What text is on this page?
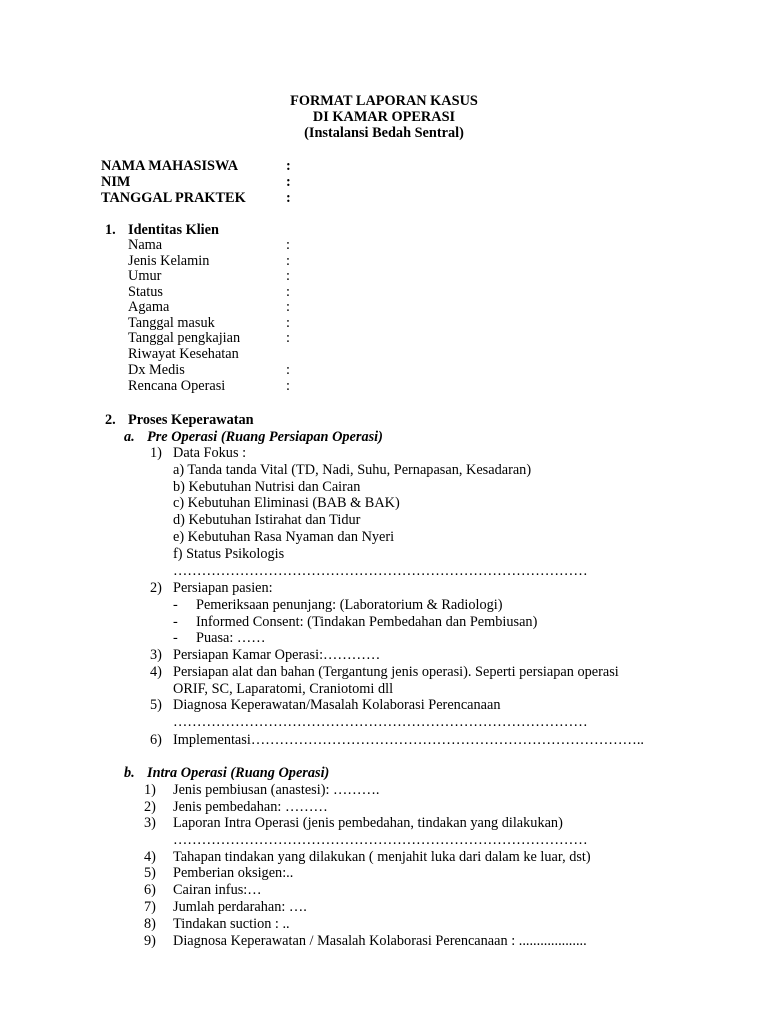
FORMAT LAPORAN KASUS
DI KAMAR OPERASI
(Instalansi Bedah Sentral)
NAMA MAHASISWA	:
NIM	:
TANGGAL PRAKTEK	:
1. Identitas Klien
Nama	:
Jenis Kelamin	:
Umur	:
Status	:
Agama	:
Tanggal masuk	:
Tanggal pengkajian	:
Riwayat Kesehatan
Dx Medis	:
Rencana Operasi	:
2. Proses Keperawatan
a. Pre Operasi (Ruang Persiapan Operasi)
1) Data Fokus :
a) Tanda tanda Vital (TD, Nadi, Suhu, Pernapasan, Kesadaran)
b) Kebutuhan Nutrisi dan Cairan
c) Kebutuhan Eliminasi (BAB & BAK)
d) Kebutuhan Istirahat dan Tidur
e) Kebutuhan Rasa Nyaman dan Nyeri
f) Status Psikologis
……………………………………………………………………………
2) Persiapan pasien:
- Pemeriksaan penunjang: (Laboratorium & Radiologi)
- Informed Consent: (Tindakan Pembedahan dan Pembiusan)
- Puasa: ……
3) Persiapan Kamar Operasi:…………
4) Persiapan alat dan bahan (Tergantung jenis operasi). Seperti persiapan operasi
ORIF, SC, Laparatomi, Craniotomi dll
5) Diagnosa Keperawatan/Masalah Kolaborasi Perencanaan
……………………………………………………………………………
6) Implementasi………………………………………………………………………..
b. Intra Operasi (Ruang Operasi)
1) Jenis pembiusan (anastesi): ……….
2) Jenis pembedahan: ………
3) Laporan Intra Operasi (jenis pembedahan, tindakan yang dilakukan)
……………………………………………………………………………
4) Tahapan tindakan yang dilakukan ( menjahit luka dari dalam ke luar, dst)
5) Pemberian oksigen:..
6) Cairan infus:…
7) Jumlah perdarahan: ….
8) Tindakan suction : ..
9) Diagnosa Keperawatan / Masalah Kolaborasi Perencanaan : ...................
